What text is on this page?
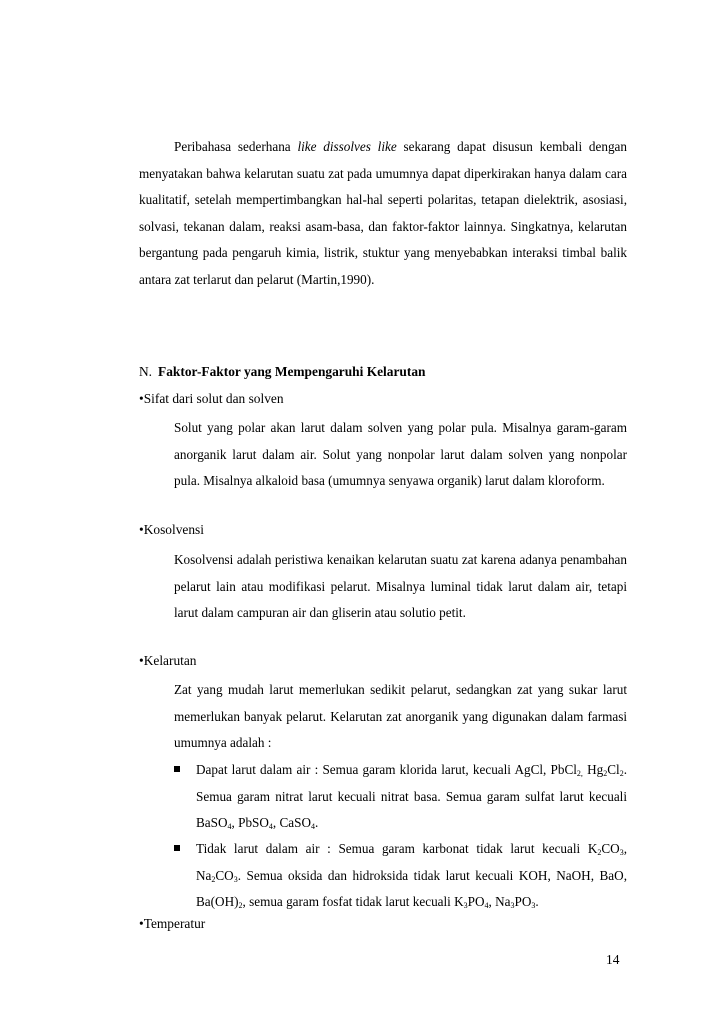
Peribahasa sederhana like dissolves like sekarang dapat disusun kembali dengan menyatakan bahwa kelarutan suatu zat pada umumnya dapat diperkirakan hanya dalam cara kualitatif, setelah mempertimbangkan hal-hal seperti polaritas, tetapan dielektrik, asosiasi, solvasi, tekanan dalam, reaksi asam-basa, dan faktor-faktor lainnya. Singkatnya, kelarutan bergantung pada pengaruh kimia, listrik, stuktur yang menyebabkan interaksi timbal balik antara zat terlarut dan pelarut (Martin,1990).

N. Faktor-Faktor yang Mempengaruhi Kelarutan

•Sifat dari solut dan solven

Solut yang polar akan larut dalam solven yang polar pula. Misalnya garam-garam anorganik larut dalam air. Solut yang nonpolar larut dalam solven yang nonpolar pula. Misalnya alkaloid basa (umumnya senyawa organik) larut dalam kloroform.

•Kosolvensi

Kosolvensi adalah peristiwa kenaikan kelarutan suatu zat karena adanya penambahan pelarut lain atau modifikasi pelarut. Misalnya luminal tidak larut dalam air, tetapi larut dalam campuran air dan gliserin atau solutio petit.

•Kelarutan

Zat yang mudah larut memerlukan sedikit pelarut, sedangkan zat yang sukar larut memerlukan banyak pelarut. Kelarutan zat anorganik yang digunakan dalam farmasi umumnya adalah :

Dapat larut dalam air : Semua garam klorida larut, kecuali AgCl, PbCl$_{2,}$ $Hg_2Cl_2$. Semua garam nitrat larut kecuali nitrat basa. Semua garam sulfat larut kecuali BaSO$_4$, PbSO$_4$, CaSO$_4$.
Tidak larut dalam air : Semua garam karbonat tidak larut kecuali $K_2CO_3$, $Na_2CO_3$. Semua oksida dan hidroksida tidak larut kecuali KOH, NaOH, BaO, $Ba(OH)_2$, semua garam fosfat tidak larut kecuali $K_3PO_4$, $Na_3PO_3$.

•Temperatur

14
